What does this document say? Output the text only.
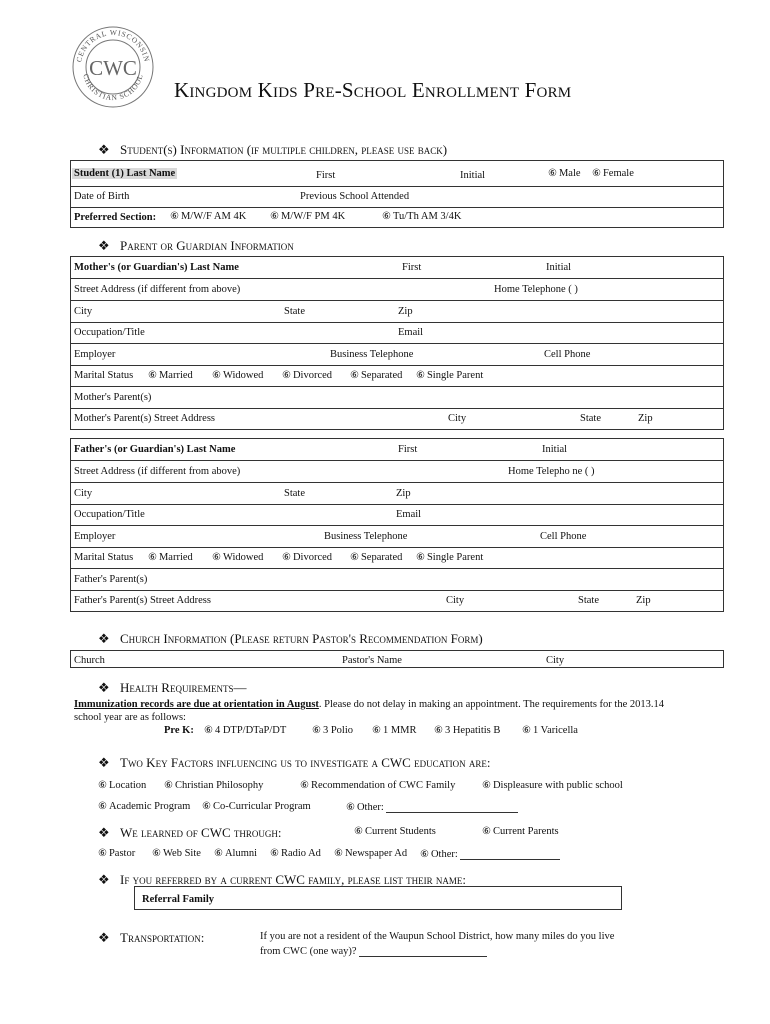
CENTRAL WISCONSIN
CHRISTIAN SCHOOL
CWC
Kingdom Kids Pre-School Enrollment Form
❖ Student(s) Information (if multiple children, please use back)
Student (1) Last Name	First	Initial	⑥ Male ⑥ Female
Date of Birth	Previous School Attended
Preferred Section: ⑥ M/W/F AM 4K ⑥ M/W/F PM 4K	⑥ Tu/Th AM 3/4K
❖ Parent or Guardian Information
Mother's (or Guardian's) Last Name	First	Initial
Street Address (if different from above)	Home Telephone ( )
City	State	Zip
Occupation/Title	Email
Employer	Business Telephone	Cell Phone
Marital Status ⑥ Married ⑥ Widowed ⑥ Divorced ⑥ Separated ⑥ Single Parent
Mother's Parent(s)
Mother's Parent(s) Street Address	City	State	Zip
Father's (or Guardian's) Last Name	First	Initial
Street Address (if different from above)	Home Telepho ne ( )
City	State	Zip
Occupation/Title	Email
Employer	Business Telephone	Cell Phone
Marital Status ⑥ Married ⑥ Widowed ⑥ Divorced ⑥ Separated ⑥ Single Parent
Father's Parent(s)
Father's Parent(s) Street Address	City	State	Zip
❖ Church Information (Please return Pastor's Recommendation Form)
Church	Pastor's Name	City
❖ Health Requirements—
Immunization records are due at orientation in August. Please do not delay in making an appointment. The requirements for the 2013.14
school year are as follows:
Pre K: ⑥ 4 DTP/DTaP/DT	⑥ 3 Polio ⑥ 1 MMR ⑥ 3 Hepatitis B ⑥ 1 Varicella
❖ Two Key Factors influencing us to investigate a CWC education are:
⑥ Location ⑥ Christian Philosophy	⑥ Recommendation of CWC Family	⑥ Displeasure with public school
⑥ Academic Program ⑥ Co-Curricular Program	⑥ Other:
❖ We learned of CWC through:	⑥ Current Students	⑥ Current Parents
⑥ Pastor ⑥ Web Site ⑥ Alumni ⑥ Radio Ad ⑥ Newspaper Ad ⑥ Other:
❖ If you referred by a current CWC family, please list their name:
Referral Family
❖ Transportation:	If you are not a resident of the Waupun School District, how many miles do you live
from CWC (one way)?
